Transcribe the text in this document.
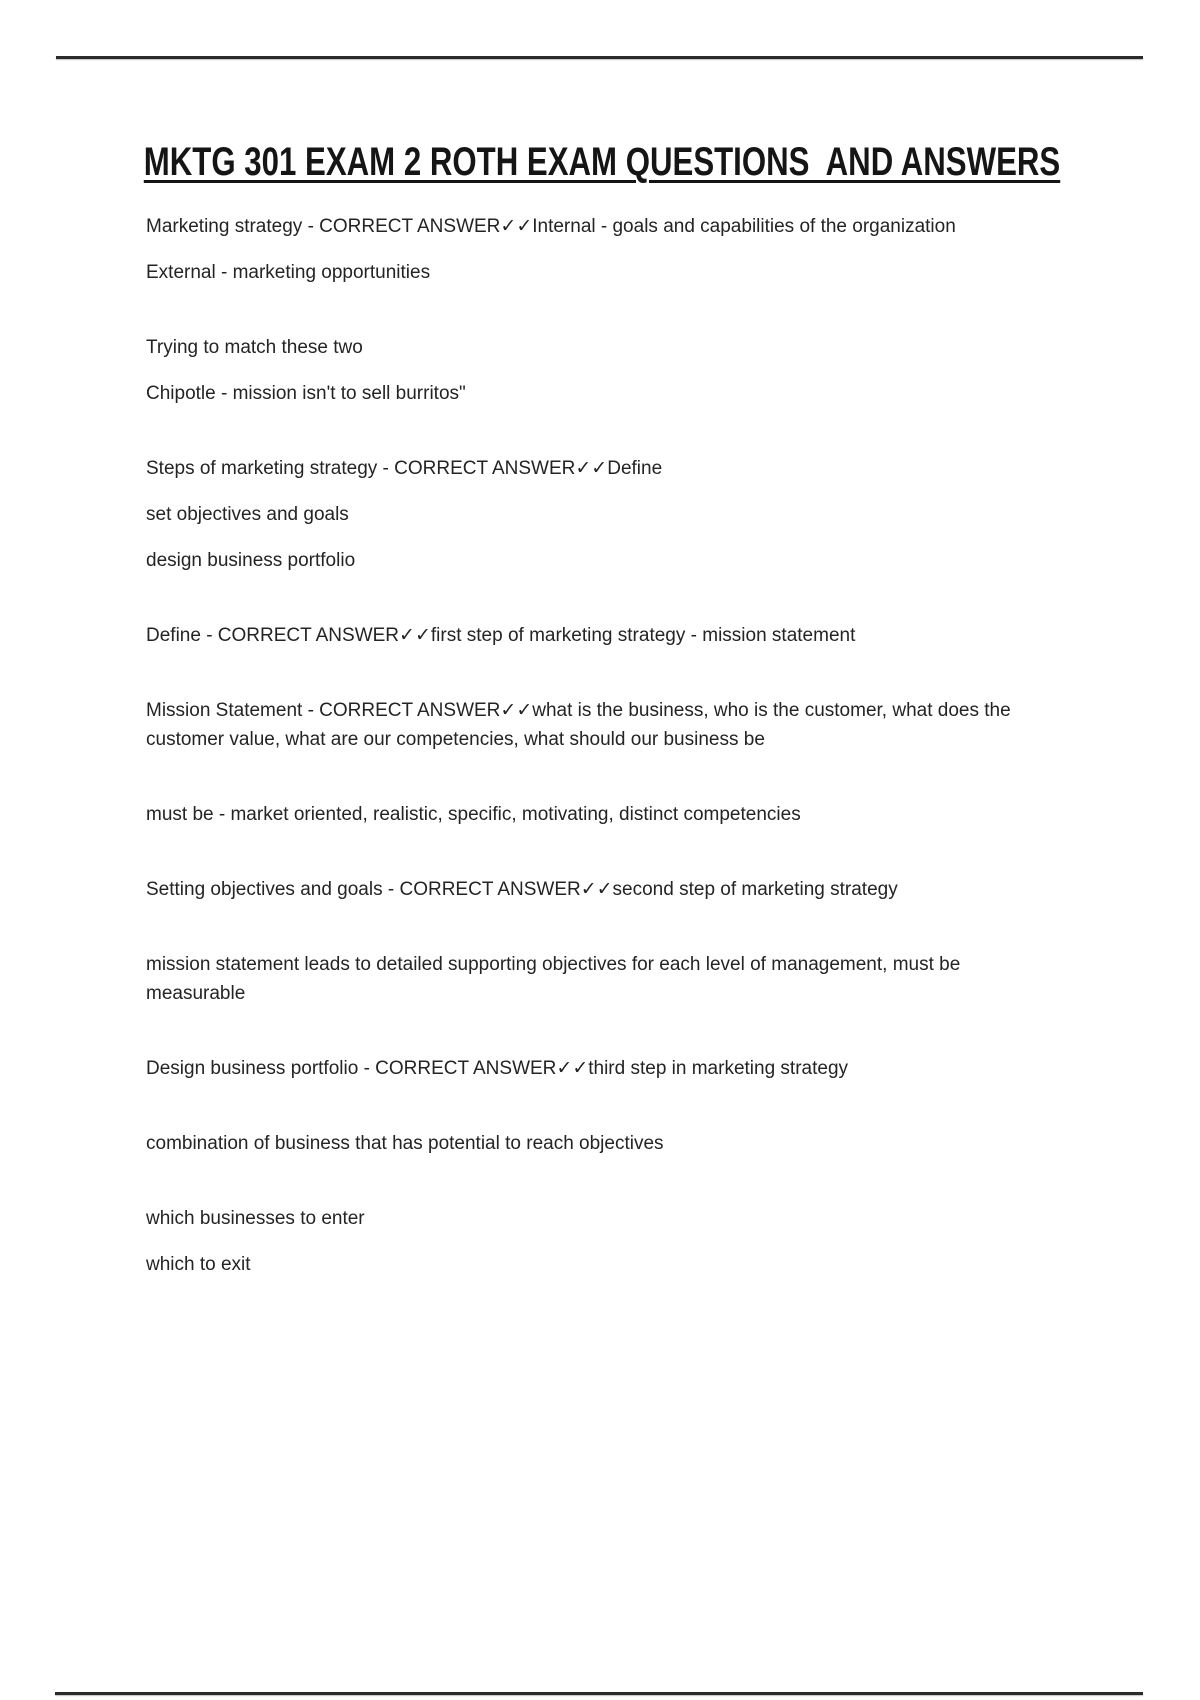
MKTG 301 EXAM 2 ROTH EXAM QUESTIONS  AND ANSWERS

Marketing strategy - CORRECT ANSWER✓✓Internal - goals and capabilities of the organization

External - marketing opportunities

Trying to match these two

Chipotle - mission isn't to sell burritos"

Steps of marketing strategy - CORRECT ANSWER✓✓Define

set objectives and goals

design business portfolio

Define - CORRECT ANSWER✓✓first step of marketing strategy - mission statement

Mission Statement - CORRECT ANSWER✓✓what is the business, who is the customer, what does the customer value, what are our competencies, what should our business be

must be - market oriented, realistic, specific, motivating, distinct competencies

Setting objectives and goals - CORRECT ANSWER✓✓second step of marketing strategy

mission statement leads to detailed supporting objectives for each level of management, must be measurable

Design business portfolio - CORRECT ANSWER✓✓third step in marketing strategy

combination of business that has potential to reach objectives

which businesses to enter

which to exit
